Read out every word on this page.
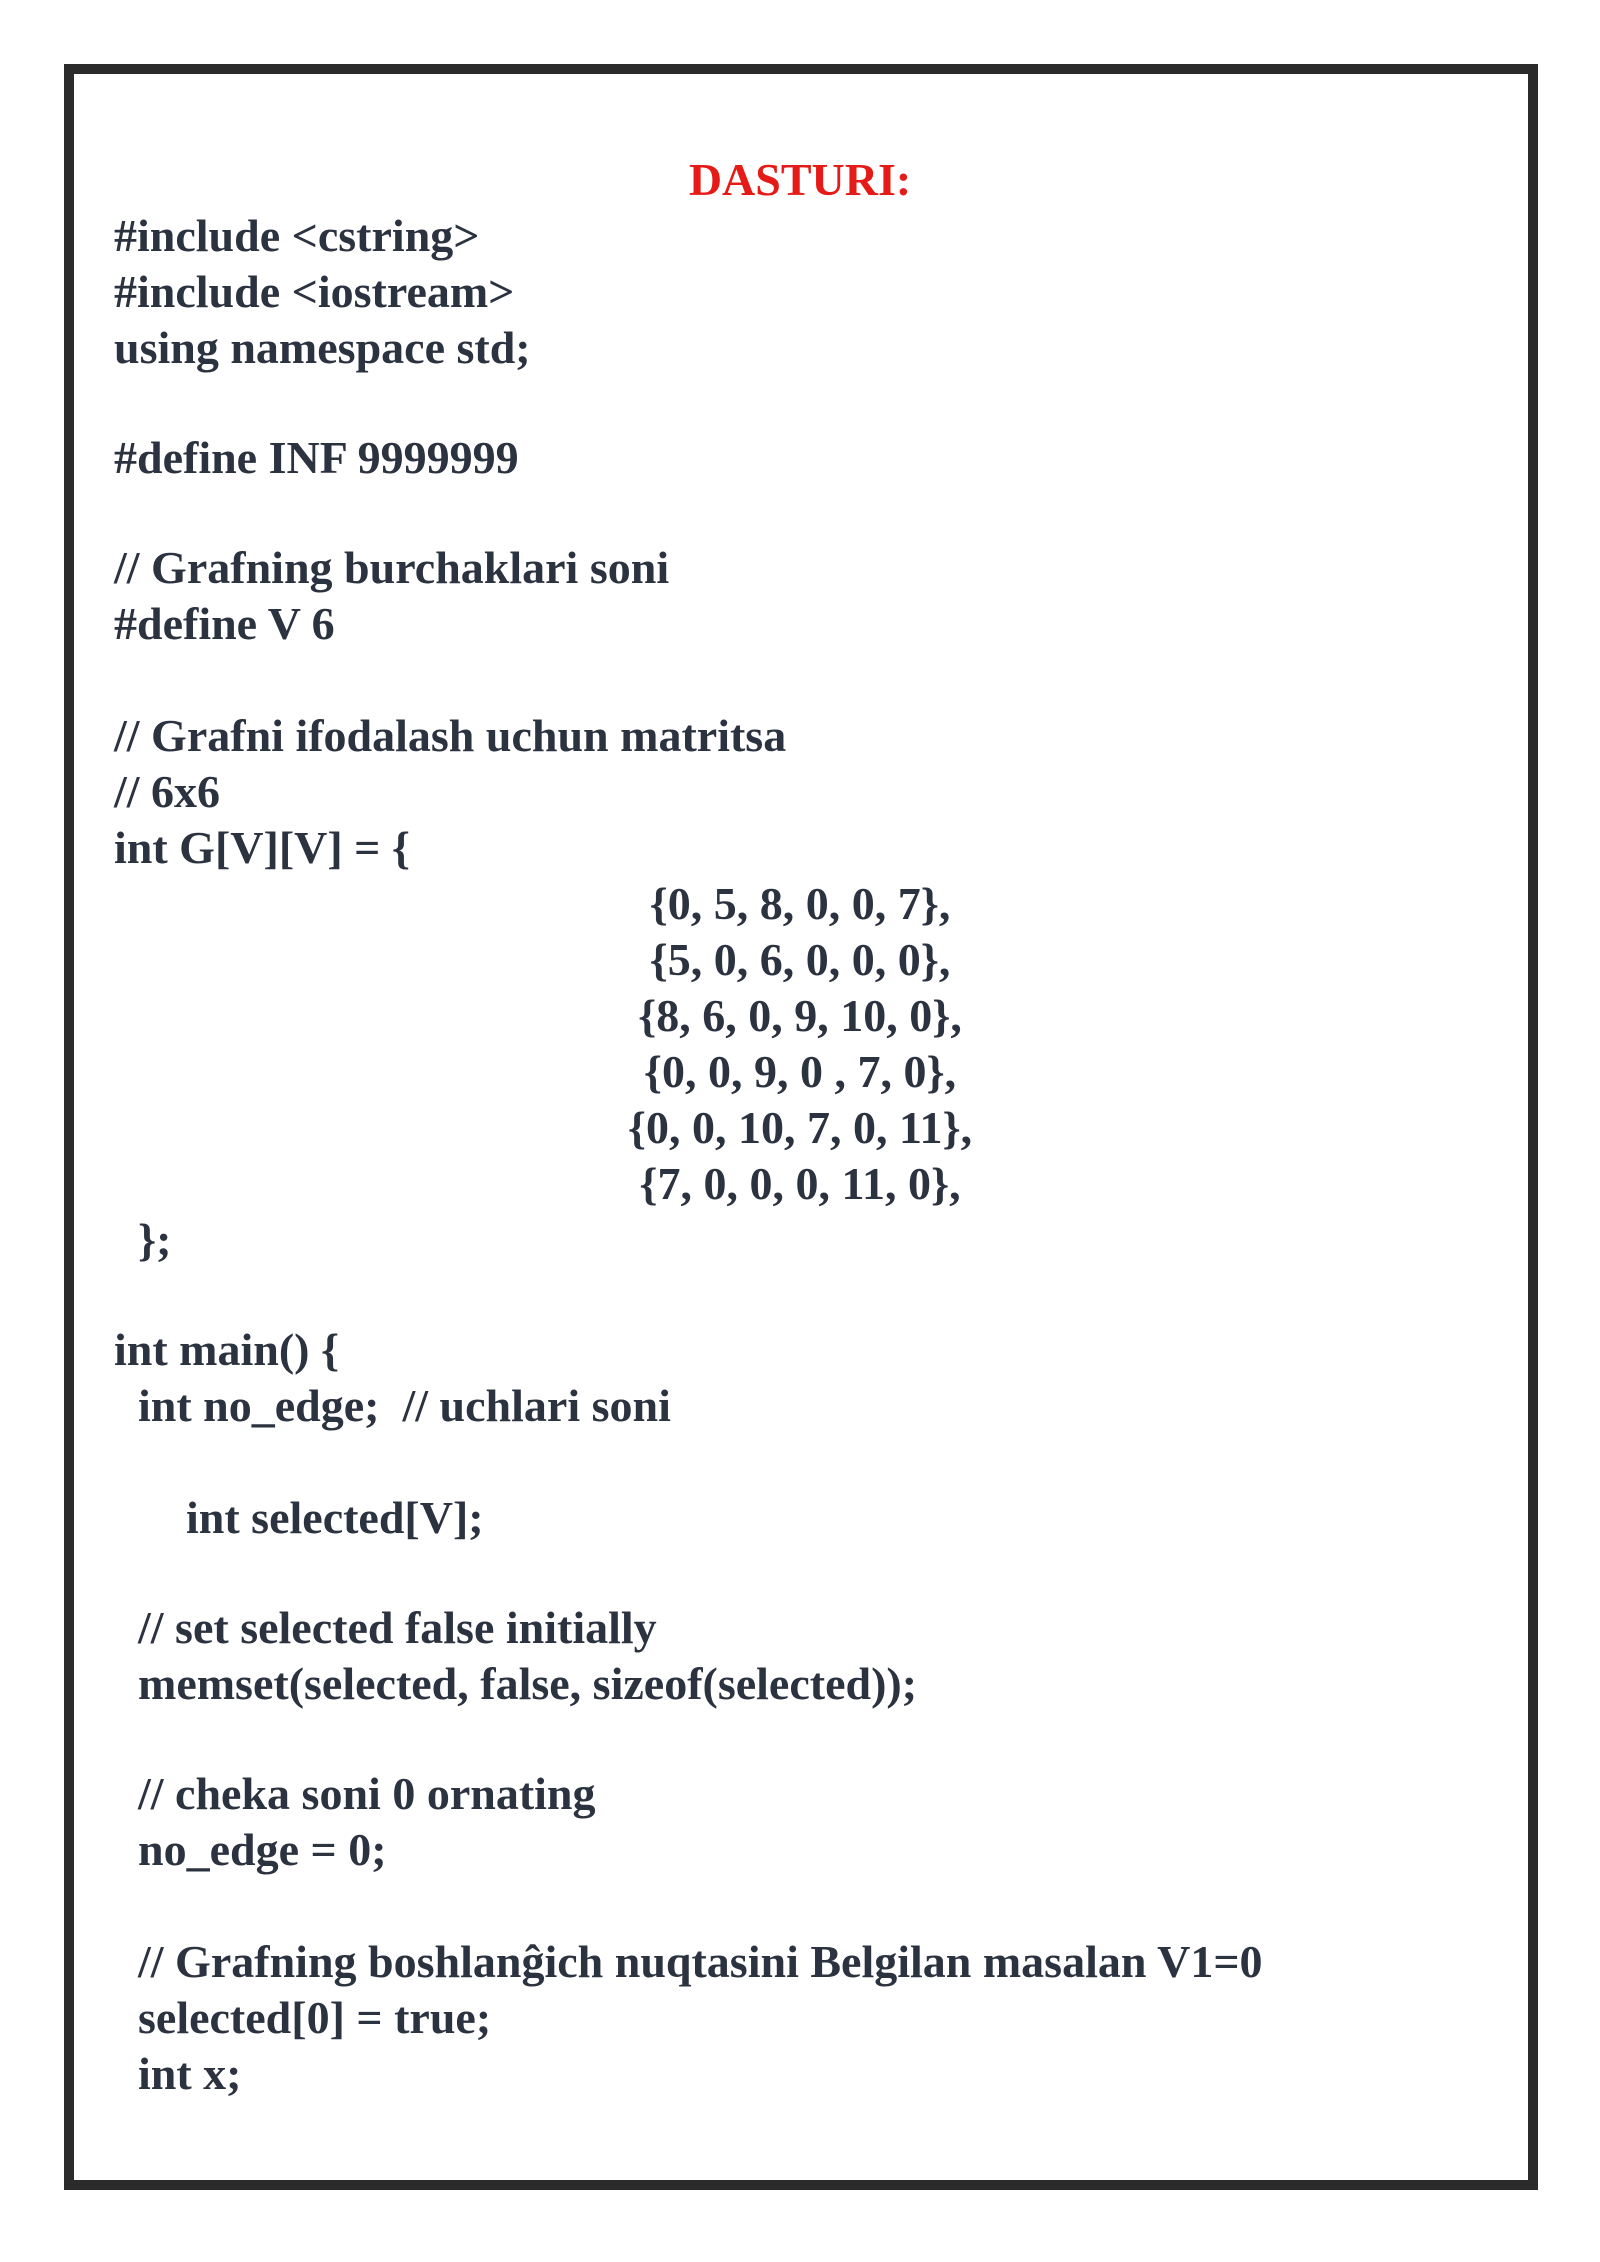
DASTURI:

#include <cstring>

#include <iostream>

using namespace std;

#define INF 9999999

// Grafning burchaklari soni

#define V 6

// Grafni ifodalash uchun matritsa

// 6x6

int G[V][V] = {

{0, 5, 8, 0, 0, 7},

{5, 0, 6, 0, 0, 0},

{8, 6, 0, 9, 10, 0},

{0, 0, 9, 0 , 7, 0},

{0, 0, 10, 7, 0, 11},

{7, 0, 0, 0, 11, 0},

};

int main() {

int no_edge;  // uchlari soni

int selected[V];

// set selected false initially

memset(selected, false, sizeof(selected));

// cheka soni 0 ornating

no_edge = 0;

// Grafning boshlanĝich nuqtasini Belgilan masalan V1=0

selected[0] = true;

int x;
